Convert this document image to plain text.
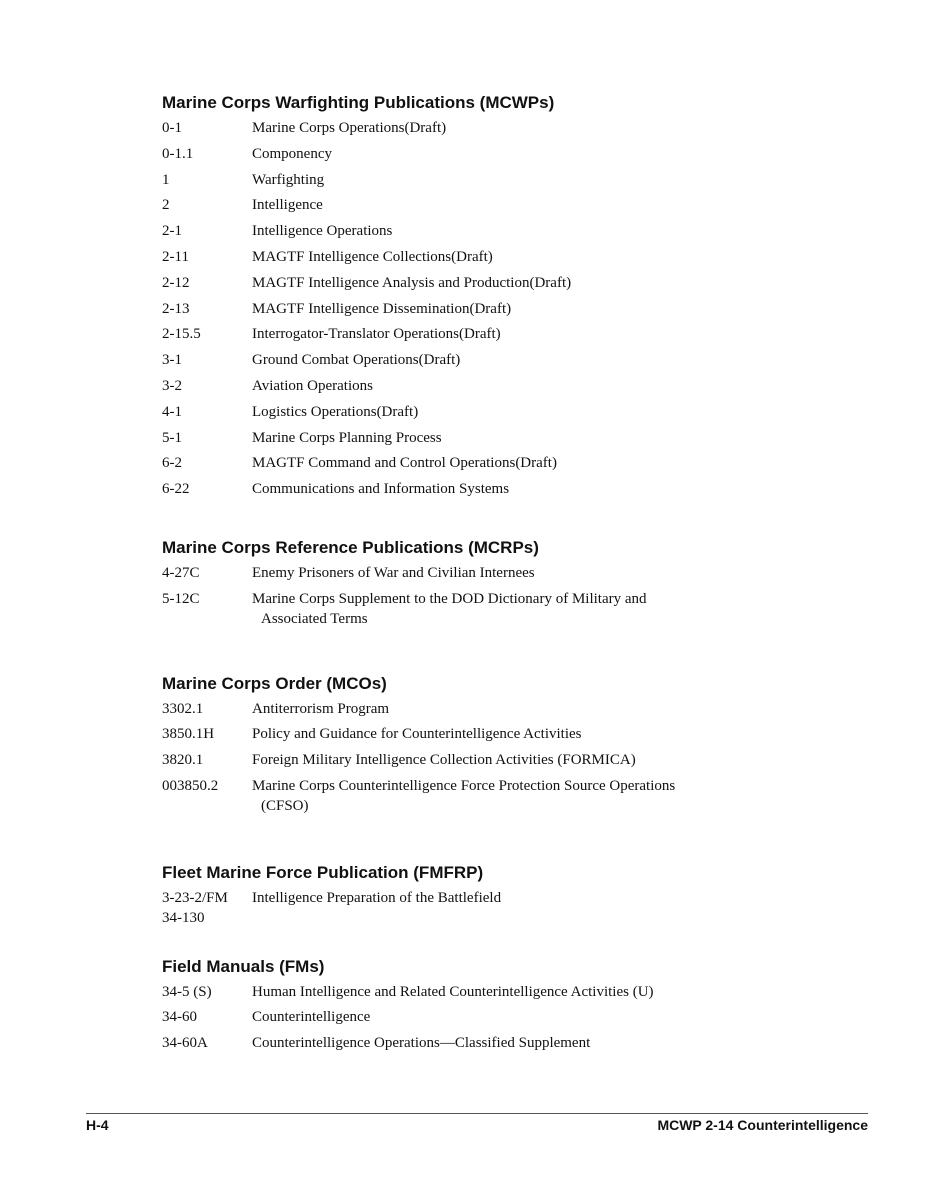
Marine Corps Warfighting Publications (MCWPs)
0-1	Marine Corps Operations(Draft)
0-1.1	Componency
1	Warfighting
2	Intelligence
2-1	Intelligence Operations
2-11	MAGTF Intelligence Collections(Draft)
2-12	MAGTF Intelligence Analysis and Production(Draft)
2-13	MAGTF Intelligence Dissemination(Draft)
2-15.5	Interrogator-Translator Operations(Draft)
3-1	Ground Combat Operations(Draft)
3-2	Aviation Operations
4-1	Logistics Operations(Draft)
5-1	Marine Corps Planning Process
6-2	MAGTF Command and Control Operations(Draft)
6-22	Communications and Information Systems
Marine Corps Reference Publications (MCRPs)
4-27C	Enemy Prisoners of War and Civilian Internees
5-12C	Marine Corps Supplement to the DOD Dictionary of Military and
Associated Terms
Marine Corps Order (MCOs)
3302.1	Antiterrorism Program
3850.1H	Policy and Guidance for Counterintelligence Activities
3820.1	Foreign Military Intelligence Collection Activities (FORMICA)
003850.2	Marine Corps Counterintelligence Force Protection Source Operations
(CFSO)
Fleet Marine Force Publication (FMFRP)
3-23-2/FM	Intelligence Preparation of the Battlefield
34-130
Field Manuals (FMs)
34-5 (S)	Human Intelligence and Related Counterintelligence Activities (U)
34-60	Counterintelligence
34-60A	Counterintelligence Operations—Classified Supplement
H-4	MCWP 2-14 Counterintelligence
